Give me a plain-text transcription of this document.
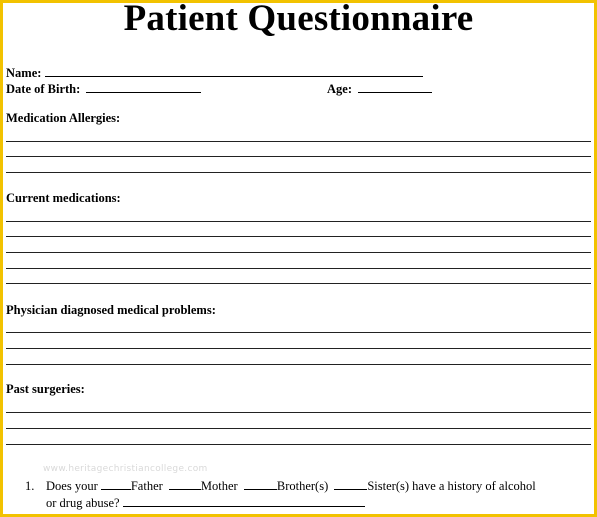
Patient Questionnaire
Name:
Date of Birth:	Age:
Medication Allergies:
Current medications:
Physician diagnosed medical problems:
Past surgeries:
www.heritagechristiancollege.com
1. Does your	Father	Mother	Brother(s)	Sister(s) have a history of alcohol
or drug abuse?
